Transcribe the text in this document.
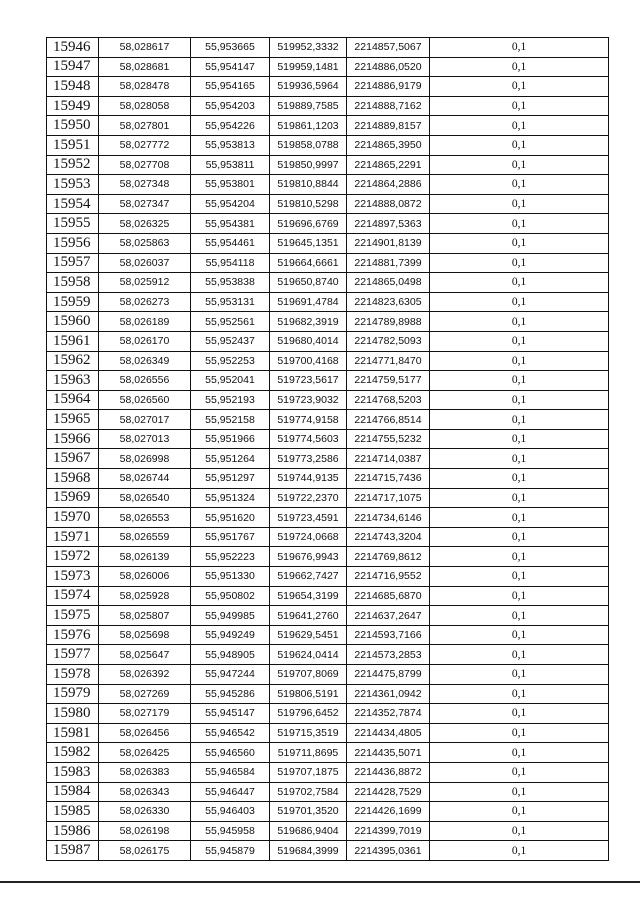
15946	58,028617	55,953665	519952,3332	2214857,5067	0,1
15947	58,028681	55,954147	519959,1481	2214886,0520	0,1
15948	58,028478	55,954165	519936,5964	2214886,9179	0,1
15949	58,028058	55,954203	519889,7585	2214888,7162	0,1
15950	58,027801	55,954226	519861,1203	2214889,8157	0,1
15951	58,027772	55,953813	519858,0788	2214865,3950	0,1
15952	58,027708	55,953811	519850,9997	2214865,2291	0,1
15953	58,027348	55,953801	519810,8844	2214864,2886	0,1
15954	58,027347	55,954204	519810,5298	2214888,0872	0,1
15955	58,026325	55,954381	519696,6769	2214897,5363	0,1
15956	58,025863	55,954461	519645,1351	2214901,8139	0,1
15957	58,026037	55,954118	519664,6661	2214881,7399	0,1
15958	58,025912	55,953838	519650,8740	2214865,0498	0,1
15959	58,026273	55,953131	519691,4784	2214823,6305	0,1
15960	58,026189	55,952561	519682,3919	2214789,8988	0,1
15961	58,026170	55,952437	519680,4014	2214782,5093	0,1
15962	58,026349	55,952253	519700,4168	2214771,8470	0,1
15963	58,026556	55,952041	519723,5617	2214759,5177	0,1
15964	58,026560	55,952193	519723,9032	2214768,5203	0,1
15965	58,027017	55,952158	519774,9158	2214766,8514	0,1
15966	58,027013	55,951966	519774,5603	2214755,5232	0,1
15967	58,026998	55,951264	519773,2586	2214714,0387	0,1
15968	58,026744	55,951297	519744,9135	2214715,7436	0,1
15969	58,026540	55,951324	519722,2370	2214717,1075	0,1
15970	58,026553	55,951620	519723,4591	2214734,6146	0,1
15971	58,026559	55,951767	519724,0668	2214743,3204	0,1
15972	58,026139	55,952223	519676,9943	2214769,8612	0,1
15973	58,026006	55,951330	519662,7427	2214716,9552	0,1
15974	58,025928	55,950802	519654,3199	2214685,6870	0,1
15975	58,025807	55,949985	519641,2760	2214637,2647	0,1
15976	58,025698	55,949249	519629,5451	2214593,7166	0,1
15977	58,025647	55,948905	519624,0414	2214573,2853	0,1
15978	58,026392	55,947244	519707,8069	2214475,8799	0,1
15979	58,027269	55,945286	519806,5191	2214361,0942	0,1
15980	58,027179	55,945147	519796,6452	2214352,7874	0,1
15981	58,026456	55,946542	519715,3519	2214434,4805	0,1
15982	58,026425	55,946560	519711,8695	2214435,5071	0,1
15983	58,026383	55,946584	519707,1875	2214436,8872	0,1
15984	58,026343	55,946447	519702,7584	2214428,7529	0,1
15985	58,026330	55,946403	519701,3520	2214426,1699	0,1
15986	58,026198	55,945958	519686,9404	2214399,7019	0,1
15987	58,026175	55,945879	519684,3999	2214395,0361	0,1
